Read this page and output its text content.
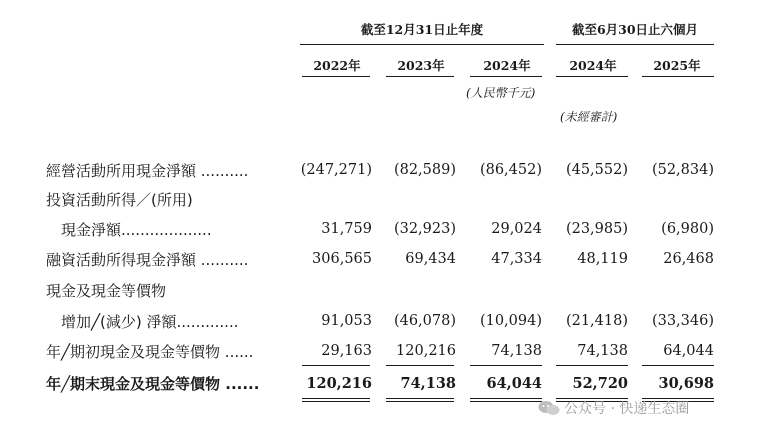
截至12月31日止年度	截至6月30日止六個月
2022年	2023年	2024年	2024年	2025年
(人民幣千元)
(未經審計)
經營活動所用現金淨額 ..........	(247,271)	(82,589)	(86,452)	(45,552)	(52,834)
投資活動所得／(所用)
　現金淨額...................	31,759	(32,923)	29,024	(23,985)	(6,980)
融資活動所得現金淨額 ..........	306,565	69,434	47,334	48,119	26,468
現金及現金等價物
　增加╱(減少) 淨額.............	91,053	(46,078)	(10,094)	(21,418)	(33,346)
年╱期初現金及現金等價物 ......	29,163	120,216	74,138	74,138	64,044
年╱期末現金及現金等價物 ......	120,216	74,138	64,044	52,720	30,698
公众号 · 快递生态圈
